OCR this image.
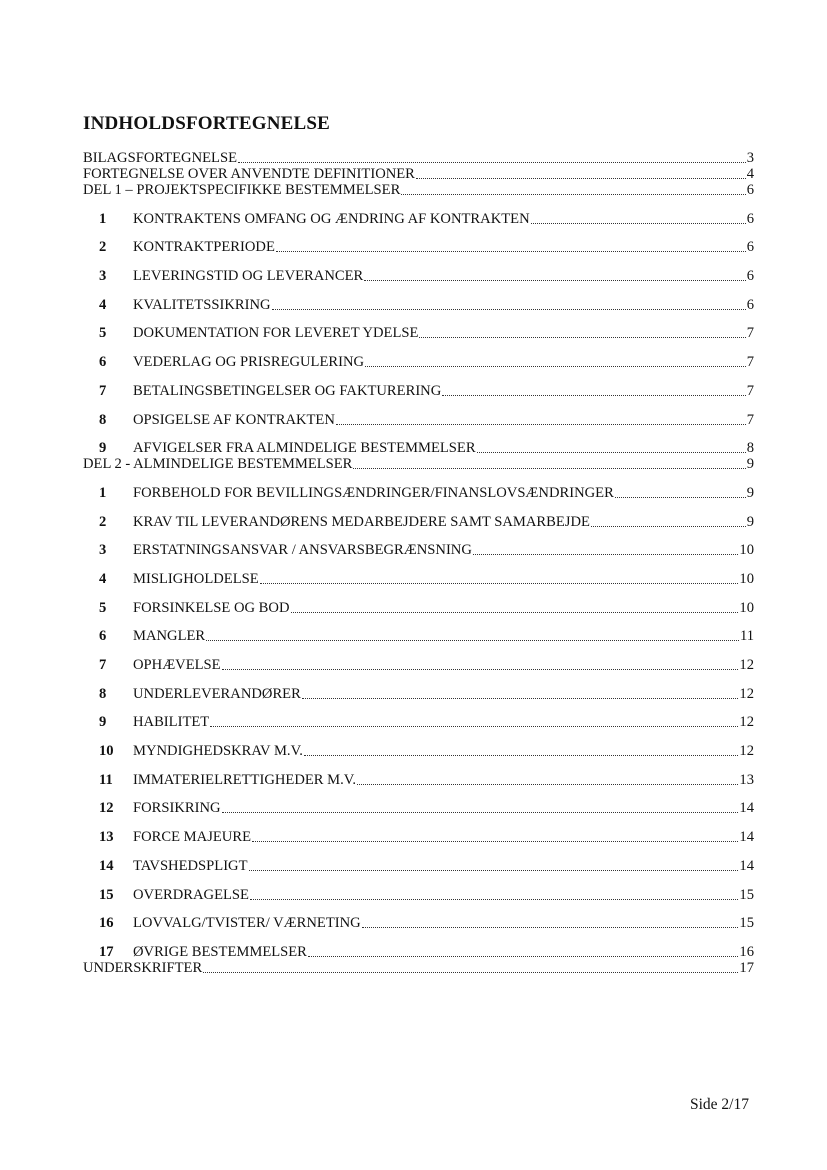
INDHOLDSFORTEGNELSE
BILAGSFORTEGNELSE	3
FORTEGNELSE OVER ANVENDTE DEFINITIONER	4
DEL 1 – PROJEKTSPECIFIKKE BESTEMMELSER	6
1	KONTRAKTENS OMFANG OG ÆNDRING AF KONTRAKTEN	6
2	KONTRAKTPERIODE	6
3	LEVERINGSTID OG LEVERANCER	6
4	KVALITETSSIKRING	6
5	DOKUMENTATION FOR LEVERET YDELSE	7
6	VEDERLAG OG PRISREGULERING	7
7	BETALINGSBETINGELSER OG FAKTURERING	7
8	OPSIGELSE AF KONTRAKTEN	7
9	AFVIGELSER FRA ALMINDELIGE BESTEMMELSER	8
DEL 2 - ALMINDELIGE BESTEMMELSER	9
1	FORBEHOLD FOR BEVILLINGSÆNDRINGER/FINANSLOVSÆNDRINGER	9
2	KRAV TIL LEVERANDØRENS MEDARBEJDERE SAMT SAMARBEJDE	9
3	ERSTATNINGSANSVAR / ANSVARSBEGRÆNSNING	10
4	MISLIGHOLDELSE	10
5	FORSINKELSE OG BOD	10
6	MANGLER	11
7	OPHÆVELSE	12
8	UNDERLEVERANDØRER	12
9	HABILITET	12
10	MYNDIGHEDSKRAV M.V.	12
11	IMMATERIELRETTIGHEDER M.V.	13
12	FORSIKRING	14
13	FORCE MAJEURE	14
14	TAVSHEDSPLIGT	14
15	OVERDRAGELSE	15
16	LOVVALG/TVISTER/ VÆRNETING	15
17	ØVRIGE BESTEMMELSER	16
UNDERSKRIFTER	17
Side 2/17
